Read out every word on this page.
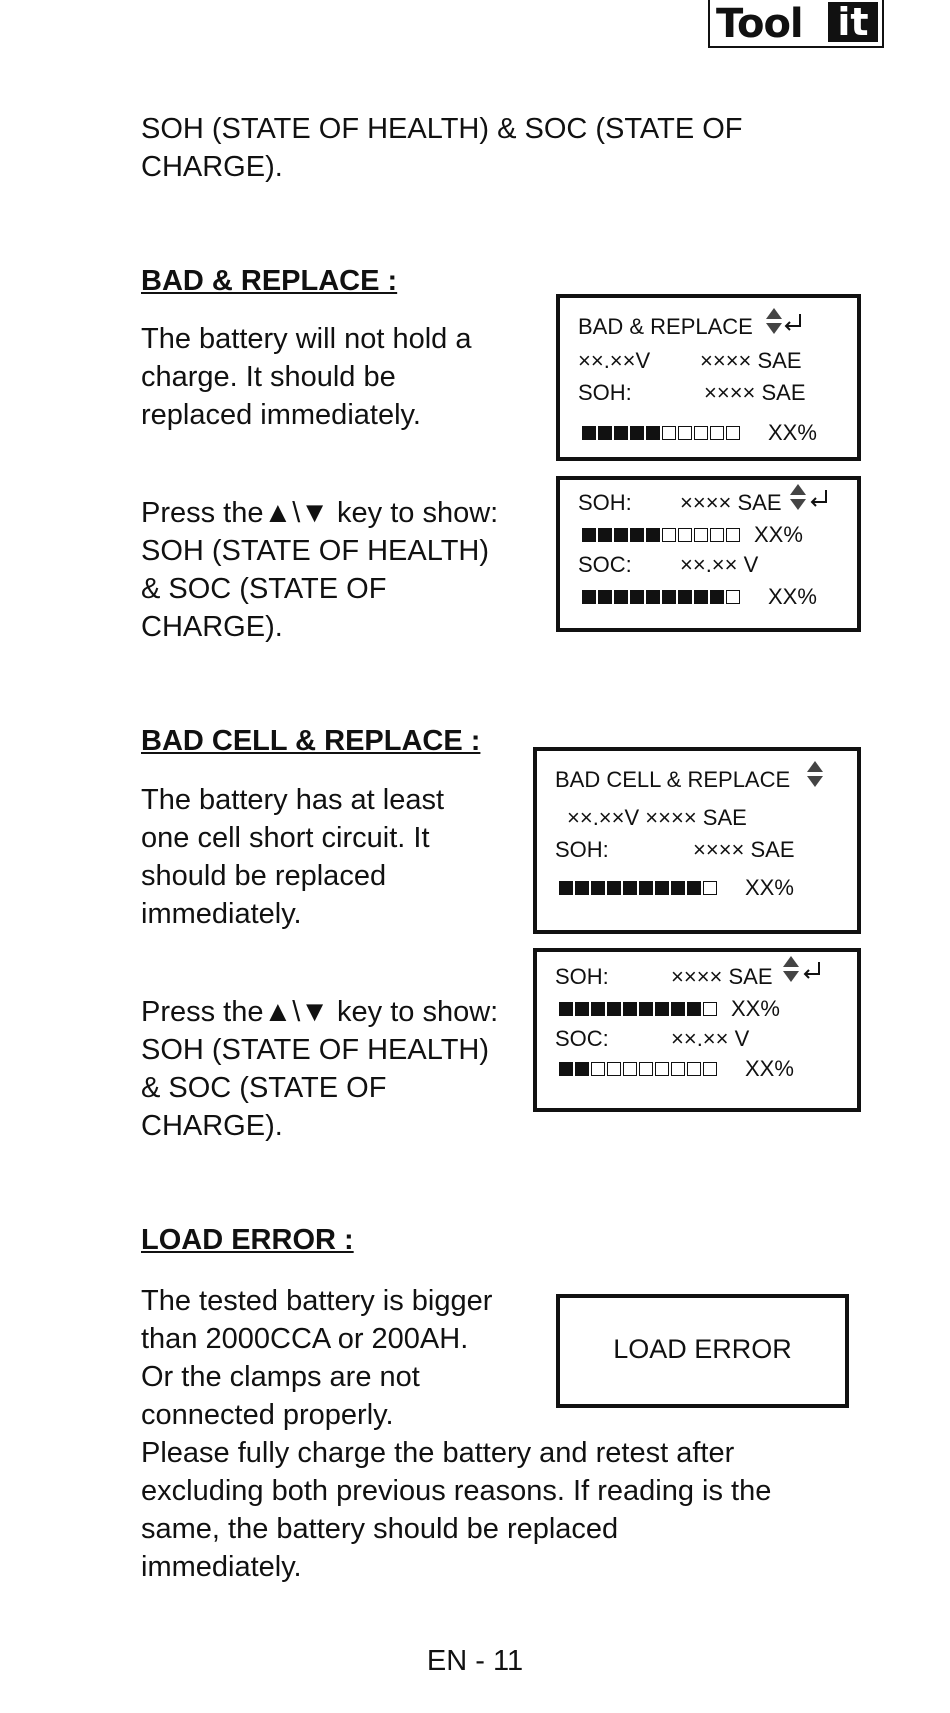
Tool it
SOH (STATE OF HEALTH) & SOC (STATE OF
CHARGE).
BAD & REPLACE :
The battery will not hold a
charge. It should be
replaced immediately.
Press the▲\▼ key to show:
SOH (STATE OF HEALTH)
& SOC (STATE OF
CHARGE).
BAD & REPLACE
××.××V ×××× SAE
SOH:	×××× SAE
XX%
SOH: ×××× SAE
XX%
SOC: ××.×× V
XX%
BAD CELL & REPLACE :
The battery has at least
one cell short circuit. It
should be replaced
immediately.
Press the▲\▼ key to show:
SOH (STATE OF HEALTH)
& SOC (STATE OF
CHARGE).
BAD CELL & REPLACE
××.××V ×××× SAE
SOH:	×××× SAE
XX%
SOH:	×××× SAE
XX%
SOC:	××.×× V
XX%
LOAD ERROR :
The tested battery is bigger
than 2000CCA or 200AH.
Or the clamps are not
connected properly.
LOAD ERROR
Please fully charge the battery and retest after
excluding both previous reasons. If reading is the
same, the battery should be replaced
immediately.
EN - 11
